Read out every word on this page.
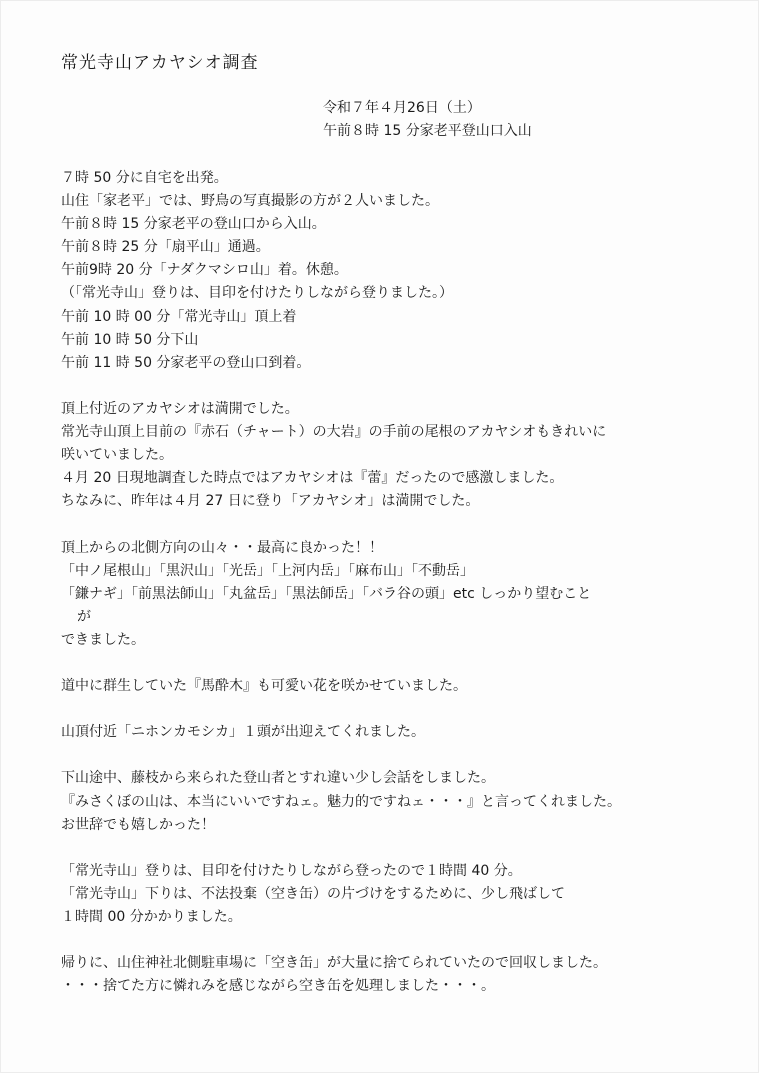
常光寺山アカヤシオ調査
令和７年４月26日（土）
午前８時 15 分家老平登山口入山
７時 50 分に自宅を出発。
山住「家老平」では、野鳥の写真撮影の方が２人いました。
午前８時 15 分家老平の登山口から入山。
午前８時 25 分「扇平山」通過。
午前9時 20 分「ナダクマシロ山」着。休憩。
（「常光寺山」登りは、目印を付けたりしながら登りました。）
午前 10 時 00 分「常光寺山」頂上着
午前 10 時 50 分下山
午前 11 時 50 分家老平の登山口到着。
頂上付近のアカヤシオは満開でした。
常光寺山頂上目前の『赤石（チャート）の大岩』の手前の尾根のアカヤシオもきれいに
咲いていました。
４月 20 日現地調査した時点ではアカヤシオは『蕾』だったので感激しました。
ちなみに、昨年は４月 27 日に登り「アカヤシオ」は満開でした。
頂上からの北側方向の山々・・最高に良かった！！
「中ノ尾根山」「黒沢山」「光岳」「上河内岳」「麻布山」「不動岳」
「鎌ナギ」「前黒法師山」「丸盆岳」「黒法師岳」「バラ谷の頭」etc しっかり望むこと
が
できました。
道中に群生していた『馬酔木』も可愛い花を咲かせていました。
山頂付近「ニホンカモシカ」１頭が出迎えてくれました。
下山途中、藤枝から来られた登山者とすれ違い少し会話をしました。
『みさくぼの山は、本当にいいですねェ。魅力的ですねェ・・・』と言ってくれました。
お世辞でも嬉しかった！
「常光寺山」登りは、目印を付けたりしながら登ったので１時間 40 分。
「常光寺山」下りは、不法投棄（空き缶）の片づけをするために、少し飛ばして
１時間 00 分かかりました。
帰りに、山住神社北側駐車場に「空き缶」が大量に捨てられていたので回収しました。
・・・捨てた方に憐れみを感じながら空き缶を処理しました・・・。
